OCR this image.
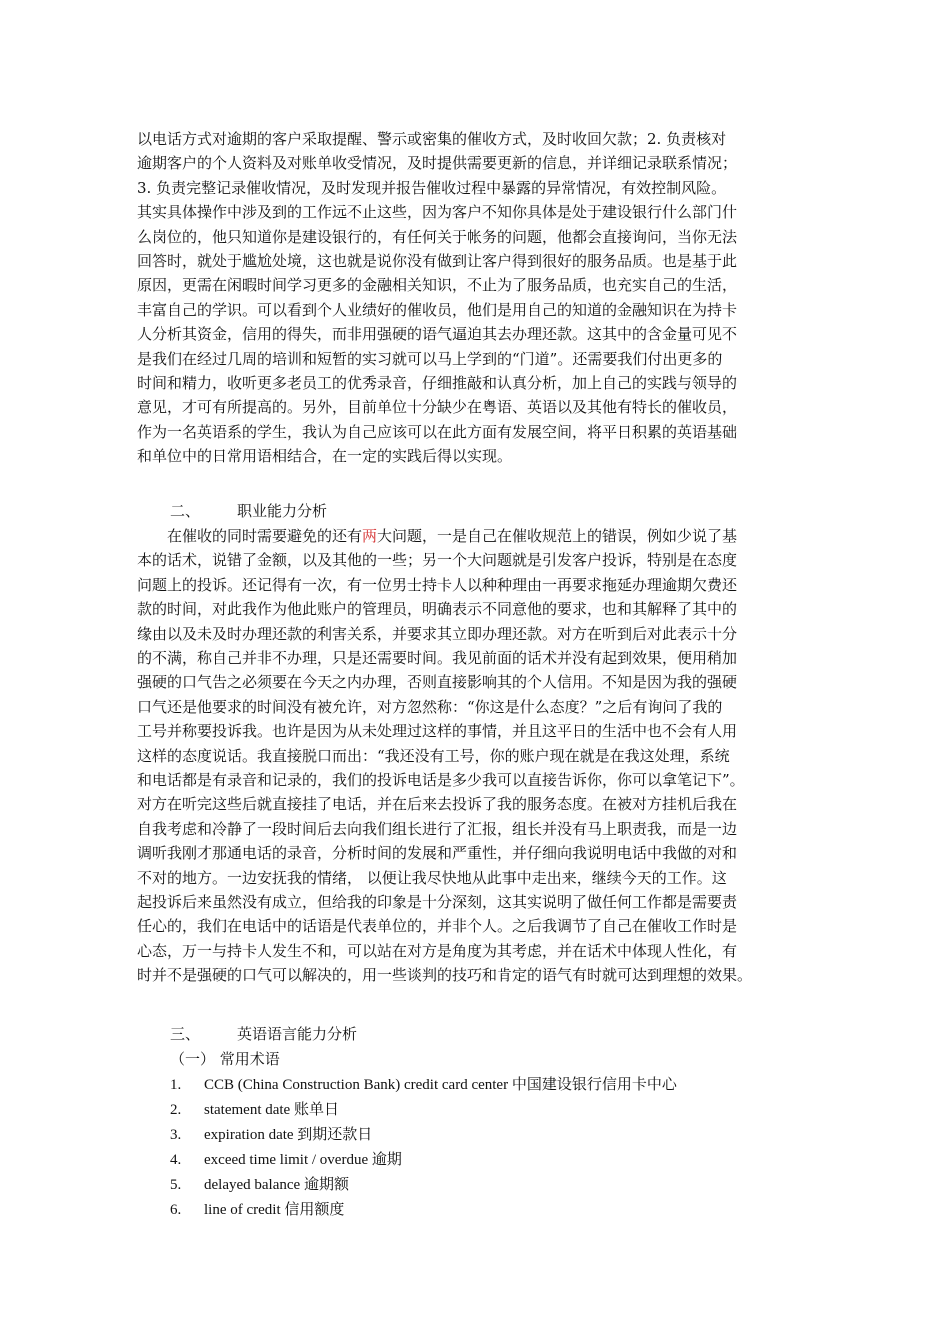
以电话方式对逾期的客户采取提醒、警示或密集的催收方式，及时收回欠款；2. 负责核对
逾期客户的个人资料及对账单收受情况，及时提供需要更新的信息，并详细记录联系情况；
3. 负责完整记录催收情况，及时发现并报告催收过程中暴露的异常情况，有效控制风险。
其实具体操作中涉及到的工作远不止这些，因为客户不知你具体是处于建设银行什么部门什
么岗位的，他只知道你是建设银行的，有任何关于帐务的问题，他都会直接询问，当你无法
回答时，就处于尴尬处境，这也就是说你没有做到让客户得到很好的服务品质。也是基于此
原因，更需在闲暇时间学习更多的金融相关知识，不止为了服务品质，也充实自己的生活，
丰富自己的学识。可以看到个人业绩好的催收员，他们是用自己的知道的金融知识在为持卡
人分析其资金，信用的得失，而非用强硬的语气逼迫其去办理还款。这其中的含金量可见不
是我们在经过几周的培训和短暂的实习就可以马上学到的“门道”。还需要我们付出更多的
时间和精力，收听更多老员工的优秀录音，仔细推敲和认真分析，加上自己的实践与领导的
意见，才可有所提高的。另外，目前单位十分缺少在粤语、英语以及其他有特长的催收员，
作为一名英语系的学生，我认为自己应该可以在此方面有发展空间，将平日积累的英语基础
和单位中的日常用语相结合，在一定的实践后得以实现。
二、 职业能力分析
　　在催收的同时需要避免的还有两大问题，一是自己在催收规范上的错误，例如少说了基
本的话术，说错了金额，以及其他的一些；另一个大问题就是引发客户投诉，特别是在态度
问题上的投诉。还记得有一次，有一位男士持卡人以种种理由一再要求拖延办理逾期欠费还
款的时间，对此我作为他此账户的管理员，明确表示不同意他的要求，也和其解释了其中的
缘由以及未及时办理还款的利害关系，并要求其立即办理还款。对方在听到后对此表示十分
的不满，称自己并非不办理，只是还需要时间。我见前面的话术并没有起到效果，便用稍加
强硬的口气告之必须要在今天之内办理，否则直接影响其的个人信用。不知是因为我的强硬
口气还是他要求的时间没有被允许，对方忽然称：“你这是什么态度？”之后有询问了我的
工号并称要投诉我。也许是因为从未处理过这样的事情，并且这平日的生活中也不会有人用
这样的态度说话。我直接脱口而出：“我还没有工号，你的账户现在就是在我这处理，系统
和电话都是有录音和记录的，我们的投诉电话是多少我可以直接告诉你，你可以拿笔记下”。
对方在听完这些后就直接挂了电话，并在后来去投诉了我的服务态度。在被对方挂机后我在
自我考虑和冷静了一段时间后去向我们组长进行了汇报，组长并没有马上职责我，而是一边
调听我刚才那通电话的录音，分析时间的发展和严重性，并仔细向我说明电话中我做的对和
不对的地方。一边安抚我的情绪， 以便让我尽快地从此事中走出来，继续今天的工作。这
起投诉后来虽然没有成立，但给我的印象是十分深刻，这其实说明了做任何工作都是需要责
任心的，我们在电话中的话语是代表单位的，并非个人。之后我调节了自己在催收工作时是
心态，万一与持卡人发生不和，可以站在对方是角度为其考虑，并在话术中体现人性化，有
时并不是强硬的口气可以解决的，用一些谈判的技巧和肯定的语气有时就可达到理想的效果。
三、 英语语言能力分析
（一） 常用术语
1. CCB (China Construction Bank) credit card center 中国建设银行信用卡中心
2. statement date 账单日
3. expiration date 到期还款日
4. exceed time limit / overdue 逾期
5. delayed balance 逾期额
6. line of credit 信用额度
